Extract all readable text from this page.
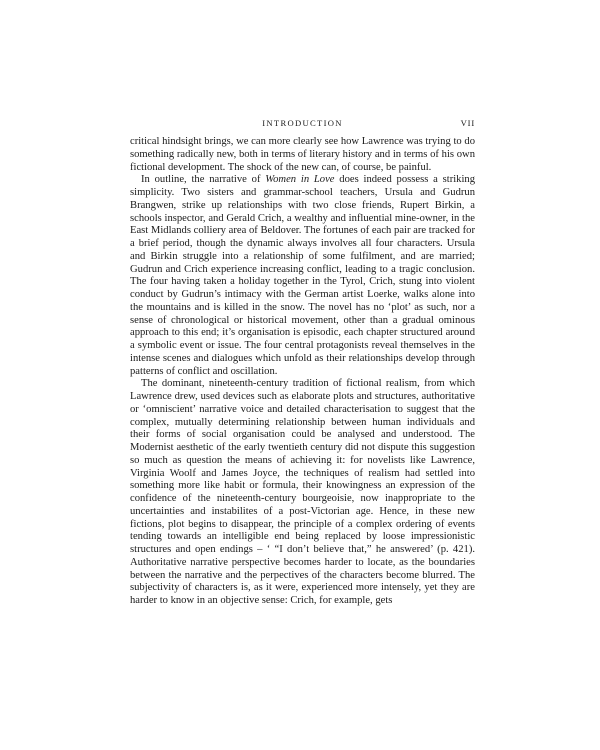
INTRODUCTION	VII

critical hindsight brings, we can more clearly see how Lawrence was trying to do something radically new, both in terms of literary history and in terms of his own fictional development. The shock of the new can, of course, be painful.

In outline, the narrative of Women in Love does indeed possess a striking simplicity. Two sisters and grammar-school teachers, Ursula and Gudrun Brangwen, strike up relationships with two close friends, Rupert Birkin, a schools inspector, and Gerald Crich, a wealthy and influential mine-owner, in the East Midlands colliery area of Beldover. The fortunes of each pair are tracked for a brief period, though the dynamic always involves all four characters. Ursula and Birkin struggle into a relationship of some fulfilment, and are married; Gudrun and Crich experience increasing conflict, leading to a tragic conclusion. The four having taken a holiday together in the Tyrol, Crich, stung into violent conduct by Gudrun’s intimacy with the German artist Loerke, walks alone into the mountains and is killed in the snow. The novel has no ‘plot’ as such, nor a sense of chronological or historical movement, other than a gradual ominous approach to this end; it’s organisation is episodic, each chapter structured around a symbolic event or issue. The four central protagonists reveal themselves in the intense scenes and dialogues which unfold as their relationships develop through patterns of conflict and oscillation.

The dominant, nineteenth-century tradition of fictional realism, from which Lawrence drew, used devices such as elaborate plots and structures, authoritative or ‘omniscient’ narrative voice and detailed characterisation to suggest that the complex, mutually determining relationship between human individuals and their forms of social organisation could be analysed and understood. The Modernist aesthetic of the early twentieth century did not dispute this suggestion so much as question the means of achieving it: for novelists like Lawrence, Virginia Woolf and James Joyce, the techniques of realism had settled into something more like habit or formula, their knowingness an expression of the confidence of the nineteenth-century bourgeoisie, now inappropriate to the uncertainties and instabilites of a post-Victorian age. Hence, in these new fictions, plot begins to disappear, the principle of a complex ordering of events tending towards an intelligible end being replaced by loose impressionistic structures and open endings – ‘ “I don’t believe that,” he answered’ (p. 421). Authoritative narrative perspective becomes harder to locate, as the boundaries between the narrative and the perpectives of the characters become blurred. The subjectivity of characters is, as it were, experienced more intensely, yet they are harder to know in an objective sense: Crich, for example, gets
